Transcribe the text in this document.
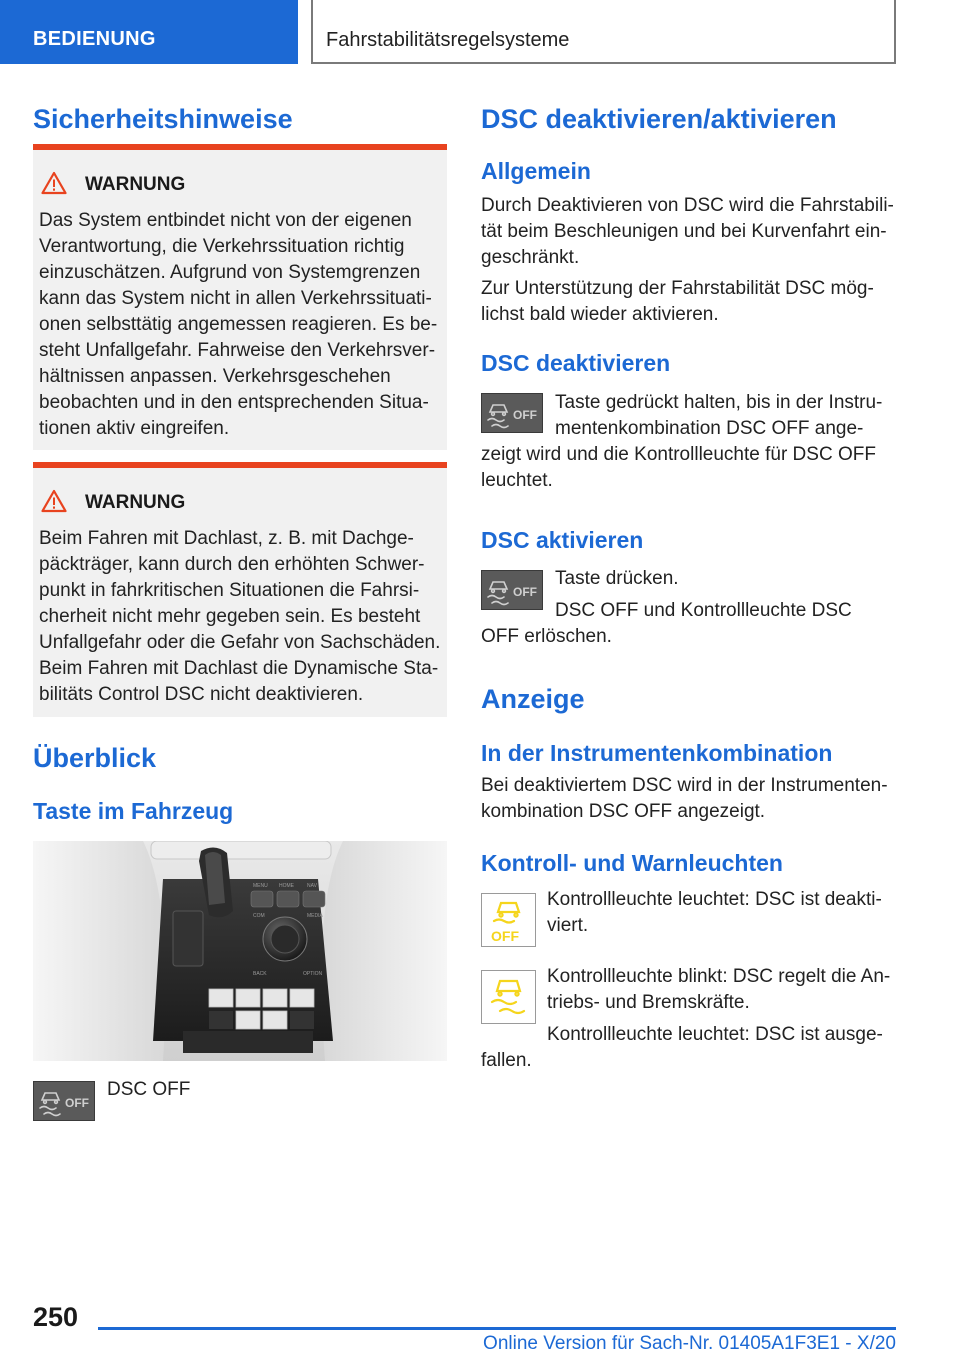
BEDIENUNG	Fahrstabilitätsregelsysteme
Sicherheitshinweise
WARNUNG
Das System entbindet nicht von der eigenen
Verantwortung, die Verkehrssituation richtig
einzuschätzen. Aufgrund von Systemgrenzen
kann das System nicht in allen Verkehrssituati‐
onen selbsttätig angemessen reagieren. Es be‐
steht Unfallgefahr. Fahrweise den Verkehrsver‐
hältnissen anpassen. Verkehrsgeschehen
beobachten und in den entsprechenden Situa‐
tionen aktiv eingreifen.
WARNUNG
Beim Fahren mit Dachlast, z. B. mit Dachge‐
päckträger, kann durch den erhöhten Schwer‐
punkt in fahrkritischen Situationen die Fahrsi‐
cherheit nicht mehr gegeben sein. Es besteht
Unfallgefahr oder die Gefahr von Sachschäden.
Beim Fahren mit Dachlast die Dynamische Sta‐
bilitäts Control DSC nicht deaktivieren.
Überblick
Taste im Fahrzeug
MENU HOME	NAV
COM	MEDIA
BACK	OPTION
OFF
DSC OFF
DSC deaktivieren/aktivieren
Allgemein
Durch Deaktivieren von DSC wird die Fahrstabili‐
tät beim Beschleunigen und bei Kurvenfahrt ein‐
geschränkt.
Zur Unterstützung der Fahrstabilität DSC mög‐
lichst bald wieder aktivieren.
DSC deaktivieren
OFF
Taste gedrückt halten, bis in der Instru‐
mentenkombination DSC OFF ange‐
zeigt wird und die Kontrollleuchte für DSC OFF
leuchtet.
DSC aktivieren
OFF
Taste drücken.
DSC OFF und Kontrollleuchte DSC
OFF erlöschen.
Anzeige
In der Instrumentenkombination
Bei deaktiviertem DSC wird in der Instrumenten‐
kombination DSC OFF angezeigt.
Kontroll- und Warnleuchten
OFF
Kontrollleuchte leuchtet: DSC ist deakti‐
viert.
Kontrollleuchte blinkt: DSC regelt die An‐
triebs- und Bremskräfte.
Kontrollleuchte leuchtet: DSC ist ausge‐
fallen.
250
Online Version für Sach-Nr. 01405A1F3E1 - X/20
